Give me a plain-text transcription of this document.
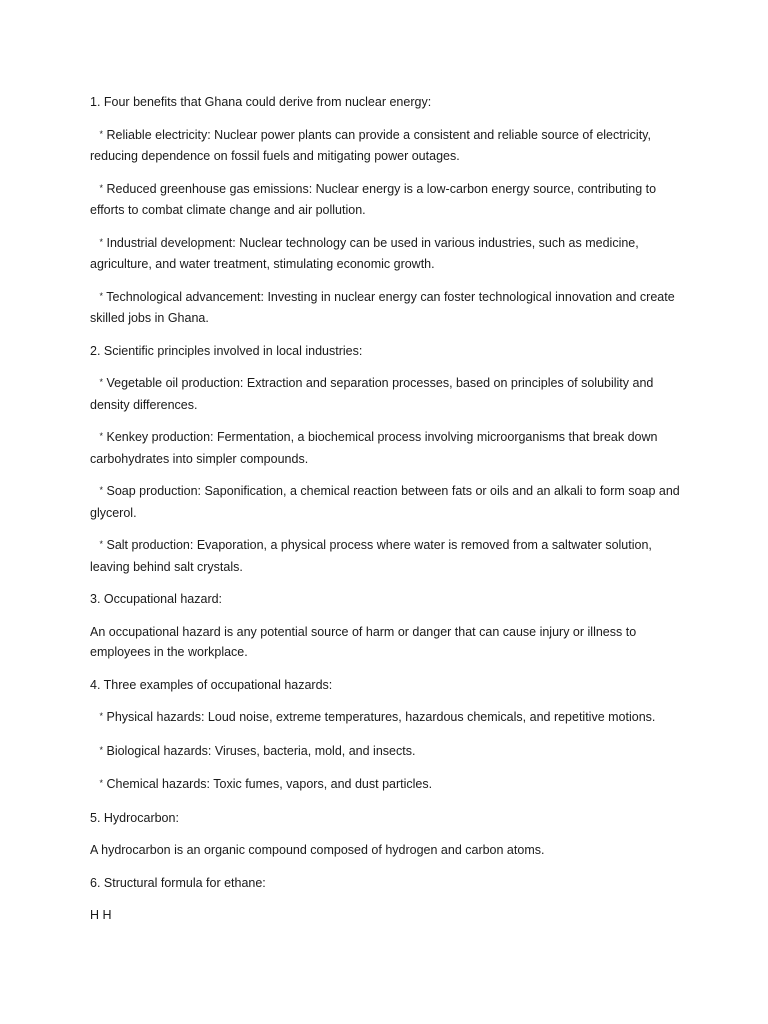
1. Four benefits that Ghana could derive from nuclear energy:

* Reliable electricity: Nuclear power plants can provide a consistent and reliable source of electricity, reducing dependence on fossil fuels and mitigating power outages.

* Reduced greenhouse gas emissions: Nuclear energy is a low-carbon energy source, contributing to efforts to combat climate change and air pollution.

* Industrial development: Nuclear technology can be used in various industries, such as medicine, agriculture, and water treatment, stimulating economic growth.

* Technological advancement: Investing in nuclear energy can foster technological innovation and create skilled jobs in Ghana.

2. Scientific principles involved in local industries:

* Vegetable oil production: Extraction and separation processes, based on principles of solubility and density differences.

* Kenkey production: Fermentation, a biochemical process involving microorganisms that break down carbohydrates into simpler compounds.

* Soap production: Saponification, a chemical reaction between fats or oils and an alkali to form soap and glycerol.

* Salt production: Evaporation, a physical process where water is removed from a saltwater solution, leaving behind salt crystals.

3. Occupational hazard:

An occupational hazard is any potential source of harm or danger that can cause injury or illness to employees in the workplace.

4. Three examples of occupational hazards:

* Physical hazards: Loud noise, extreme temperatures, hazardous chemicals, and repetitive motions.

* Biological hazards: Viruses, bacteria, mold, and insects.

* Chemical hazards: Toxic fumes, vapors, and dust particles.

5. Hydrocarbon:

A hydrocarbon is an organic compound composed of hydrogen and carbon atoms.

6. Structural formula for ethane:

H H
